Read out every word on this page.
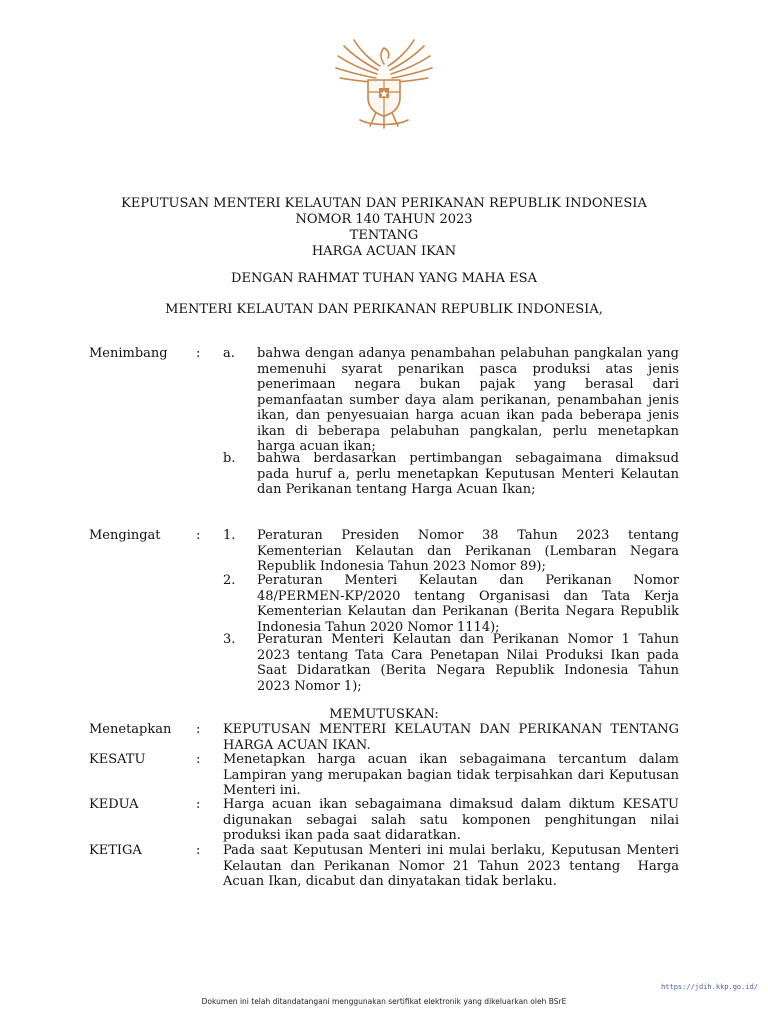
KEPUTUSAN MENTERI KELAUTAN DAN PERIKANAN REPUBLIK INDONESIA
NOMOR 140 TAHUN 2023
TENTANG
HARGA ACUAN IKAN
DENGAN RAHMAT TUHAN YANG MAHA ESA
MENTERI KELAUTAN DAN PERIKANAN REPUBLIK INDONESIA,
Menimbang : a. bahwa dengan adanya penambahan pelabuhan pangkalan yang memenuhi syarat penarikan pasca produksi atas jenis penerimaan negara bukan pajak yang berasal dari pemanfaatan sumber daya alam perikanan, penambahan jenis ikan, dan penyesuaian harga acuan ikan pada beberapa jenis ikan di beberapa pelabuhan pangkalan, perlu menetapkan harga acuan ikan;
b. bahwa berdasarkan pertimbangan sebagaimana dimaksud pada huruf a, perlu menetapkan Keputusan Menteri Kelautan dan Perikanan tentang Harga Acuan Ikan;
Mengingat	: 1. Peraturan Presiden Nomor 38 Tahun 2023 tentang Kementerian Kelautan dan Perikanan (Lembaran Negara Republik Indonesia Tahun 2023 Nomor 89);
2. Peraturan Menteri Kelautan dan Perikanan Nomor 48/PERMEN-KP/2020 tentang Organisasi dan Tata Kerja Kementerian Kelautan dan Perikanan (Berita Negara Republik Indonesia Tahun 2020 Nomor 1114);
3. Peraturan Menteri Kelautan dan Perikanan Nomor 1 Tahun 2023 tentang Tata Cara Penetapan Nilai Produksi Ikan pada Saat Didaratkan (Berita Negara Republik Indonesia Tahun 2023 Nomor 1);
MEMUTUSKAN:
Menetapkan : KEPUTUSAN MENTERI KELAUTAN DAN PERIKANAN TENTANG HARGA ACUAN IKAN.
KESATU	: Menetapkan harga acuan ikan sebagaimana tercantum dalam Lampiran yang merupakan bagian tidak terpisahkan dari Keputusan Menteri ini.
KEDUA	: Harga acuan ikan sebagaimana dimaksud dalam diktum KESATU digunakan sebagai salah satu komponen penghitungan nilai produksi ikan pada saat didaratkan.
KETIGA	: Pada saat Keputusan Menteri ini mulai berlaku, Keputusan Menteri Kelautan dan Perikanan Nomor 21 Tahun 2023 tentang  Harga Acuan Ikan, dicabut dan dinyatakan tidak berlaku.
https://jdih.kkp.go.id/
Dokumen ini telah ditandatangani menggunakan sertifikat elektronik yang dikeluarkan oleh BSrE
